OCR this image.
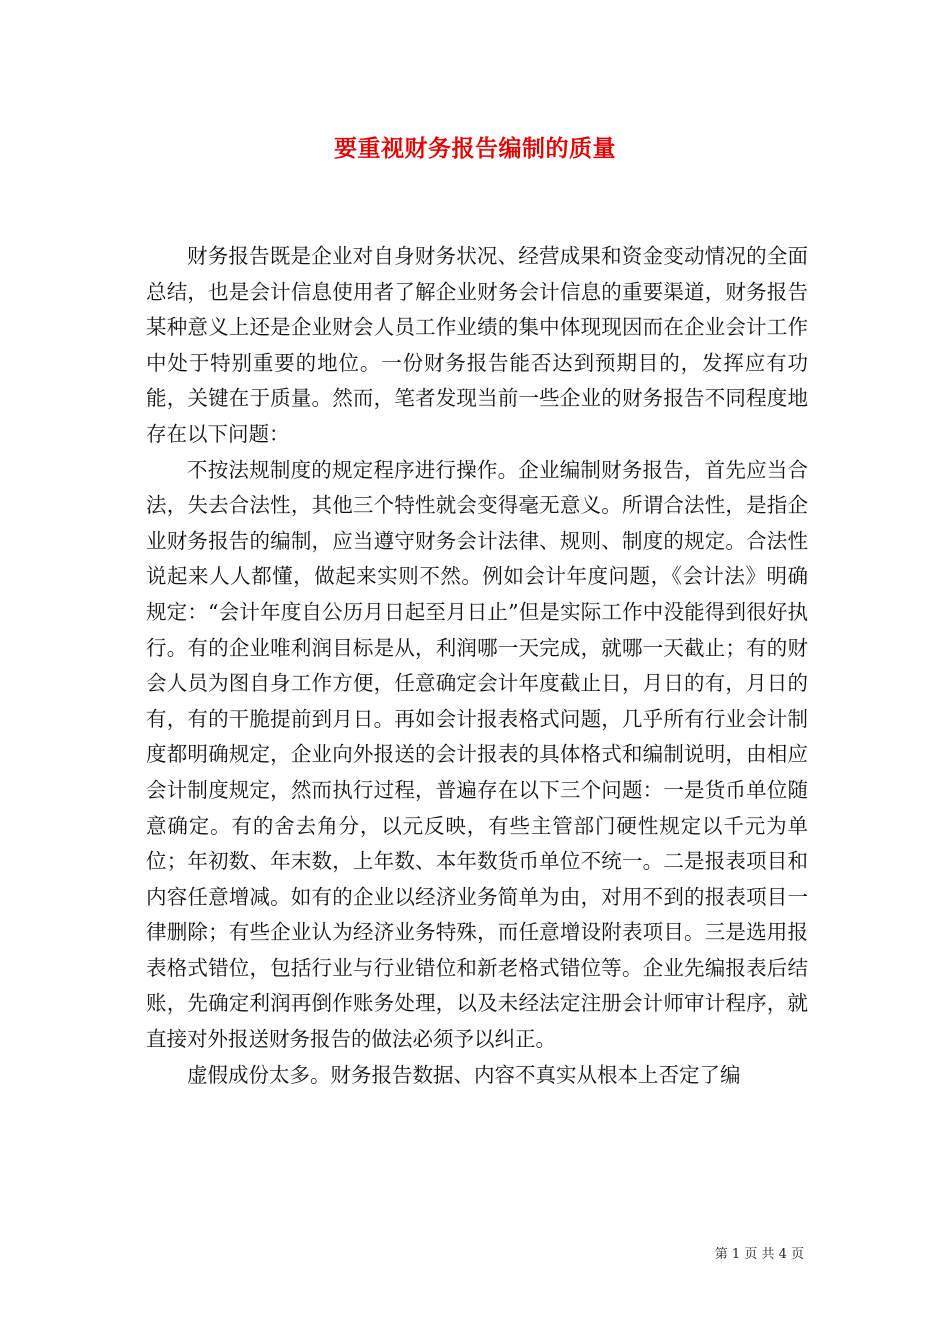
要重视财务报告编制的质量

财务报告既是企业对自身财务状况、经营成果和资金变动情况的全面总结，也是会计信息使用者了解企业财务会计信息的重要渠道，财务报告某种意义上还是企业财会人员工作业绩的集中体现现因而在企业会计工作中处于特别重要的地位。一份财务报告能否达到预期目的，发挥应有功能，关键在于质量。然而，笔者发现当前一些企业的财务报告不同程度地存在以下问题：

不按法规制度的规定程序进行操作。企业编制财务报告，首先应当合法，失去合法性，其他三个特性就会变得毫无意义。所谓合法性，是指企业财务报告的编制，应当遵守财务会计法律、规则、制度的规定。合法性说起来人人都懂，做起来实则不然。例如会计年度问题，《会计法》明确规定：“会计年度自公历月日起至月日止”但是实际工作中没能得到很好执行。有的企业唯利润目标是从，利润哪一天完成，就哪一天截止；有的财会人员为图自身工作方便，任意确定会计年度截止日，月日的有，月日的有，有的干脆提前到月日。再如会计报表格式问题，几乎所有行业会计制度都明确规定，企业向外报送的会计报表的具体格式和编制说明，由相应会计制度规定，然而执行过程，普遍存在以下三个问题：一是货币单位随意确定。有的舍去角分，以元反映，有些主管部门硬性规定以千元为单位；年初数、年末数，上年数、本年数货币单位不统一。二是报表项目和内容任意增减。如有的企业以经济业务简单为由，对用不到的报表项目一律删除；有些企业认为经济业务特殊，而任意增设附表项目。三是选用报表格式错位，包括行业与行业错位和新老格式错位等。企业先编报表后结账，先确定利润再倒作账务处理，以及未经法定注册会计师审计程序，就直接对外报送财务报告的做法必须予以纠正。

虚假成份太多。财务报告数据、内容不真实从根本上否定了编

第 1 页 共 4 页
